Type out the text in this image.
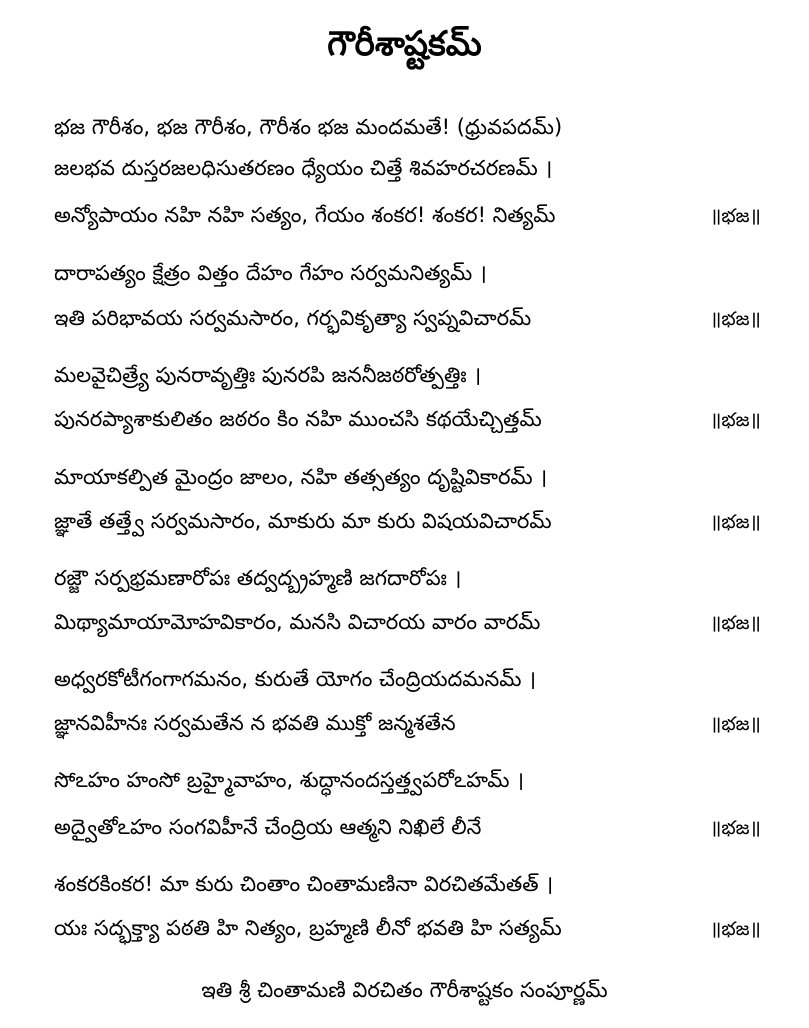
గౌరీశాష్టకమ్
భజ గౌరీశం, భజ గౌరీశం, గౌరీశం భజ మందమతే! (ధ్రువపదమ్)
జలభవ దుస్తరజలధిసుతరణం ధ్యేయం చిత్తే శివహరచరణమ్ ।
అన్యోపాయం నహి నహి సత్యం, గేయం శంకర! శంకర! నిత్యమ్	॥భజ॥
దారాపత్యం క్షేత్రం విత్తం దేహం గేహం సర్వమనిత్యమ్ ।
ఇతి పరిభావయ సర్వమసారం, గర్భవికృత్యా స్వప్నవిచారమ్	॥భజ॥
మలవైచిత్ర్యే పునరావృత్తిః పునరపి జననీజఠరోత్పత్తిః ।
పునరప్యాశాకులితం జఠరం కిం నహి ముంచసి కథయేచ్చిత్తమ్	॥భజ॥
మాయాకల్పిత మైంద్రం జాలం, నహి తత్సత్యం దృష్టివికారమ్ ।
జ్ఞాతే తత్త్వే సర్వమసారం, మాకురు మా కురు విషయవిచారమ్	॥భజ॥
రజ్జౌ సర్పభ్రమణారోపః తద్వద్బ్రహ్మణి జగదారోపః ।
మిథ్యామాయామోహవికారం, మనసి విచారయ వారం వారమ్	॥భజ॥
అధ్వరకోటీగంగాగమనం, కురుతే యోగం చేంద్రియదమనమ్ ।
జ్ఞానవిహీనః సర్వమతేన న భవతి ముక్తో జన్మశతేన	॥భజ॥
సోఽహం హంసో బ్రహ్మైవాహం, శుద్ధానందస్తత్త్వపరోఽహమ్ ।
అద్వైతోఽహం సంగవిహీనే చేంద్రియ ఆత్మని నిఖిలే లీనే	॥భజ॥
శంకరకింకర! మా కురు చింతాం చింతామణినా విరచితమేతత్ ।
యః సద్భక్త్యా పఠతి హి నిత్యం, బ్రహ్మణి లీనో భవతి హి సత్యమ్	॥భజ॥
ఇతి శ్రీ చింతామణి విరచితం గౌరీశాష్టకం సంపూర్ణమ్
